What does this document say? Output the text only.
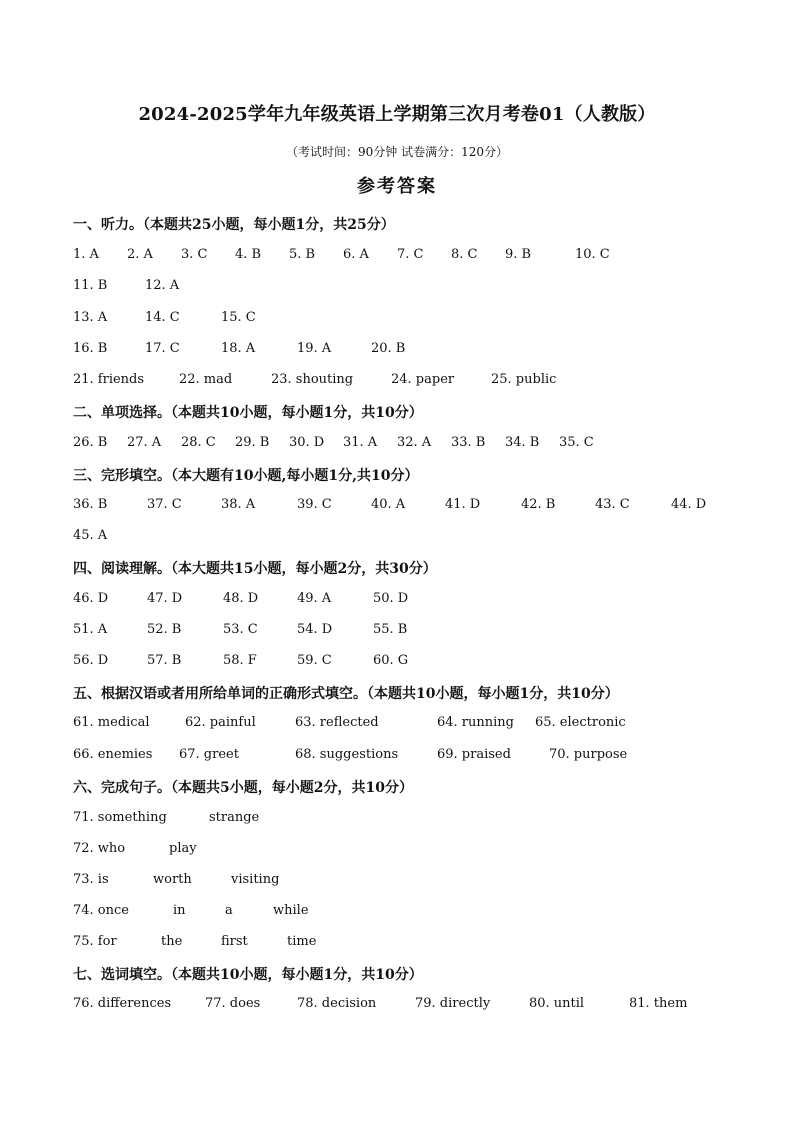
2024-2025学年九年级英语上学期第三次月考卷01（人教版）
（考试时间：90分钟 试卷满分：120分）
参考答案
一、听力。（本题共25小题，每小题1分，共25分）
1. A 2. A 3. C 4. B 5. B 6. A 7. C 8. C 9. B	10. C
11. B	12. A
13. A	14. C	15. C
16. B	17. C	18. A	19. A	20. B
21. friends	22. mad	23. shouting	24. paper	25. public
二、单项选择。（本题共10小题，每小题1分，共10分）
26. B 27. A 28. C 29. B 30. D 31. A 32. A 33. B 34. B 35. C
三、完形填空。（本大题有10小题,每小题1分,共10分）
36. B	37. C	38. A	39. C	40. A	41. D	42. B	43. C	44. D
45. A
四、阅读理解。（本大题共15小题，每小题2分，共30分）
46. D	47. D	48. D	49. A	50. D
51. A	52. B	53. C	54. D	55. B
56. D	57. B	58. F	59. C	60. G
五、根据汉语或者用所给单词的正确形式填空。（本题共10小题，每小题1分，共10分）
61. medical	62. painful	63. reflected	64. running 65. electronic
66. enemies 67. greet	68. suggestions	69. praised	70. purpose
六、完成句子。（本题共5小题，每小题2分，共10分）
71. something	strange
72. who	play
73. is	worth	visiting
74. once	in	a	while
75. for	the	first	time
七、选词填空。（本题共10小题，每小题1分，共10分）
76. differences	77. does	78. decision	79. directly	80. until	81. them
